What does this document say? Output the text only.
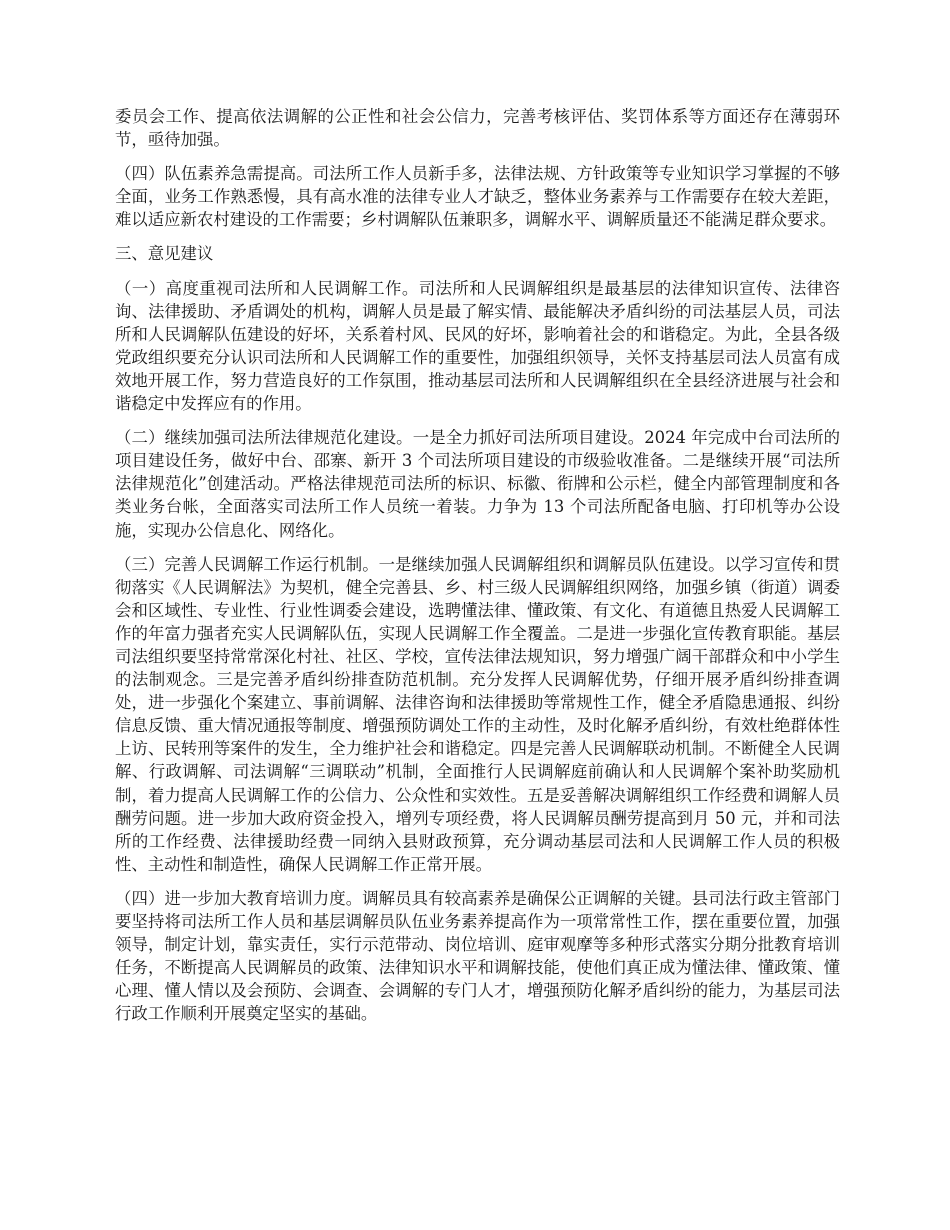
委员会工作、提高依法调解的公正性和社会公信力，完善考核评估、奖罚体系等方面还存在薄弱环节，亟待加强。

（四）队伍素养急需提高。司法所工作人员新手多，法律法规、方针政策等专业知识学习掌握的不够全面，业务工作熟悉慢，具有高水准的法律专业人才缺乏，整体业务素养与工作需要存在较大差距，难以适应新农村建设的工作需要；乡村调解队伍兼职多，调解水平、调解质量还不能满足群众要求。

三、意见建议

（一）高度重视司法所和人民调解工作。司法所和人民调解组织是最基层的法律知识宣传、法律咨询、法律援助、矛盾调处的机构，调解人员是最了解实情、最能解决矛盾纠纷的司法基层人员，司法所和人民调解队伍建设的好坏，关系着村风、民风的好坏，影响着社会的和谐稳定。为此，全县各级党政组织要充分认识司法所和人民调解工作的重要性，加强组织领导，关怀支持基层司法人员富有成效地开展工作，努力营造良好的工作氛围，推动基层司法所和人民调解组织在全县经济进展与社会和谐稳定中发挥应有的作用。

（二）继续加强司法所法律规范化建设。一是全力抓好司法所项目建设。2024 年完成中台司法所的项目建设任务，做好中台、邵寨、新开 3 个司法所项目建设的市级验收准备。二是继续开展“司法所法律规范化”创建活动。严格法律规范司法所的标识、标徽、衔牌和公示栏，健全内部管理制度和各类业务台帐，全面落实司法所工作人员统一着装。力争为 13 个司法所配备电脑、打印机等办公设施，实现办公信息化、网络化。

（三）完善人民调解工作运行机制。一是继续加强人民调解组织和调解员队伍建设。以学习宣传和贯彻落实《人民调解法》为契机，健全完善县、乡、村三级人民调解组织网络，加强乡镇（街道）调委会和区域性、专业性、行业性调委会建设，选聘懂法律、懂政策、有文化、有道德且热爱人民调解工作的年富力强者充实人民调解队伍，实现人民调解工作全覆盖。二是进一步强化宣传教育职能。基层司法组织要坚持常常深化村社、社区、学校，宣传法律法规知识，努力增强广阔干部群众和中小学生的法制观念。三是完善矛盾纠纷排查防范机制。充分发挥人民调解优势，仔细开展矛盾纠纷排查调处，进一步强化个案建立、事前调解、法律咨询和法律援助等常规性工作，健全矛盾隐患通报、纠纷信息反馈、重大情况通报等制度、增强预防调处工作的主动性，及时化解矛盾纠纷，有效杜绝群体性上访、民转刑等案件的发生，全力维护社会和谐稳定。四是完善人民调解联动机制。不断健全人民调解、行政调解、司法调解“三调联动”机制，全面推行人民调解庭前确认和人民调解个案补助奖励机制，着力提高人民调解工作的公信力、公众性和实效性。五是妥善解决调解组织工作经费和调解人员酬劳问题。进一步加大政府资金投入，增列专项经费，将人民调解员酬劳提高到月 50 元，并和司法所的工作经费、法律援助经费一同纳入县财政预算，充分调动基层司法和人民调解工作人员的积极性、主动性和制造性，确保人民调解工作正常开展。

（四）进一步加大教育培训力度。调解员具有较高素养是确保公正调解的关键。县司法行政主管部门要坚持将司法所工作人员和基层调解员队伍业务素养提高作为一项常常性工作，摆在重要位置，加强领导，制定计划，靠实责任，实行示范带动、岗位培训、庭审观摩等多种形式落实分期分批教育培训任务，不断提高人民调解员的政策、法律知识水平和调解技能，使他们真正成为懂法律、懂政策、懂心理、懂人情以及会预防、会调查、会调解的专门人才，增强预防化解矛盾纠纷的能力，为基层司法行政工作顺利开展奠定坚实的基础。
